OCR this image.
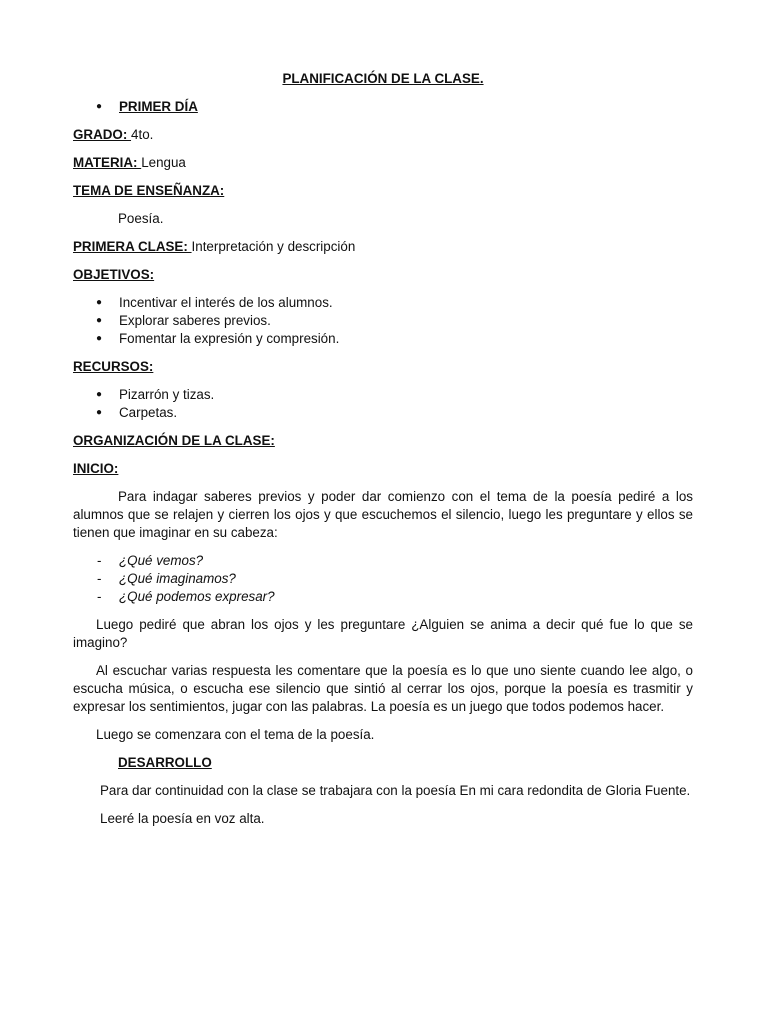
PLANIFICACIÓN DE LA CLASE.

● PRIMER DÍA

GRADO: 4to.

MATERIA: Lengua

TEMA DE ENSEÑANZA:

Poesía.

PRIMERA CLASE: Interpretación y descripción

OBJETIVOS:

● Incentivar el interés de los alumnos.
● Explorar saberes previos.
● Fomentar la expresión y compresión.

RECURSOS:

● Pizarrón y tizas.
● Carpetas.

ORGANIZACIÓN DE LA CLASE:

INICIO:

Para indagar saberes previos y poder dar comienzo con el tema de la poesía pediré a los alumnos que se relajen y cierren los ojos y que escuchemos el silencio, luego les preguntare y ellos se tienen que imaginar en su cabeza:

- ¿Qué vemos?
- ¿Qué imaginamos?
- ¿Qué podemos expresar?

Luego pediré que abran los ojos y les preguntare ¿Alguien se anima a decir qué fue lo que se imagino?

Al escuchar varias respuesta les comentare que la poesía es lo que uno siente cuando lee algo, o escucha música, o escucha ese silencio que sintió al cerrar los ojos, porque la poesía es trasmitir y expresar los sentimientos, jugar con las palabras. La poesía es un juego que todos podemos hacer.

Luego se comenzara con el tema de la poesía.

DESARROLLO

Para dar continuidad con la clase se trabajara con la poesía En mi cara redondita de Gloria Fuente.

Leeré la poesía en voz alta.
